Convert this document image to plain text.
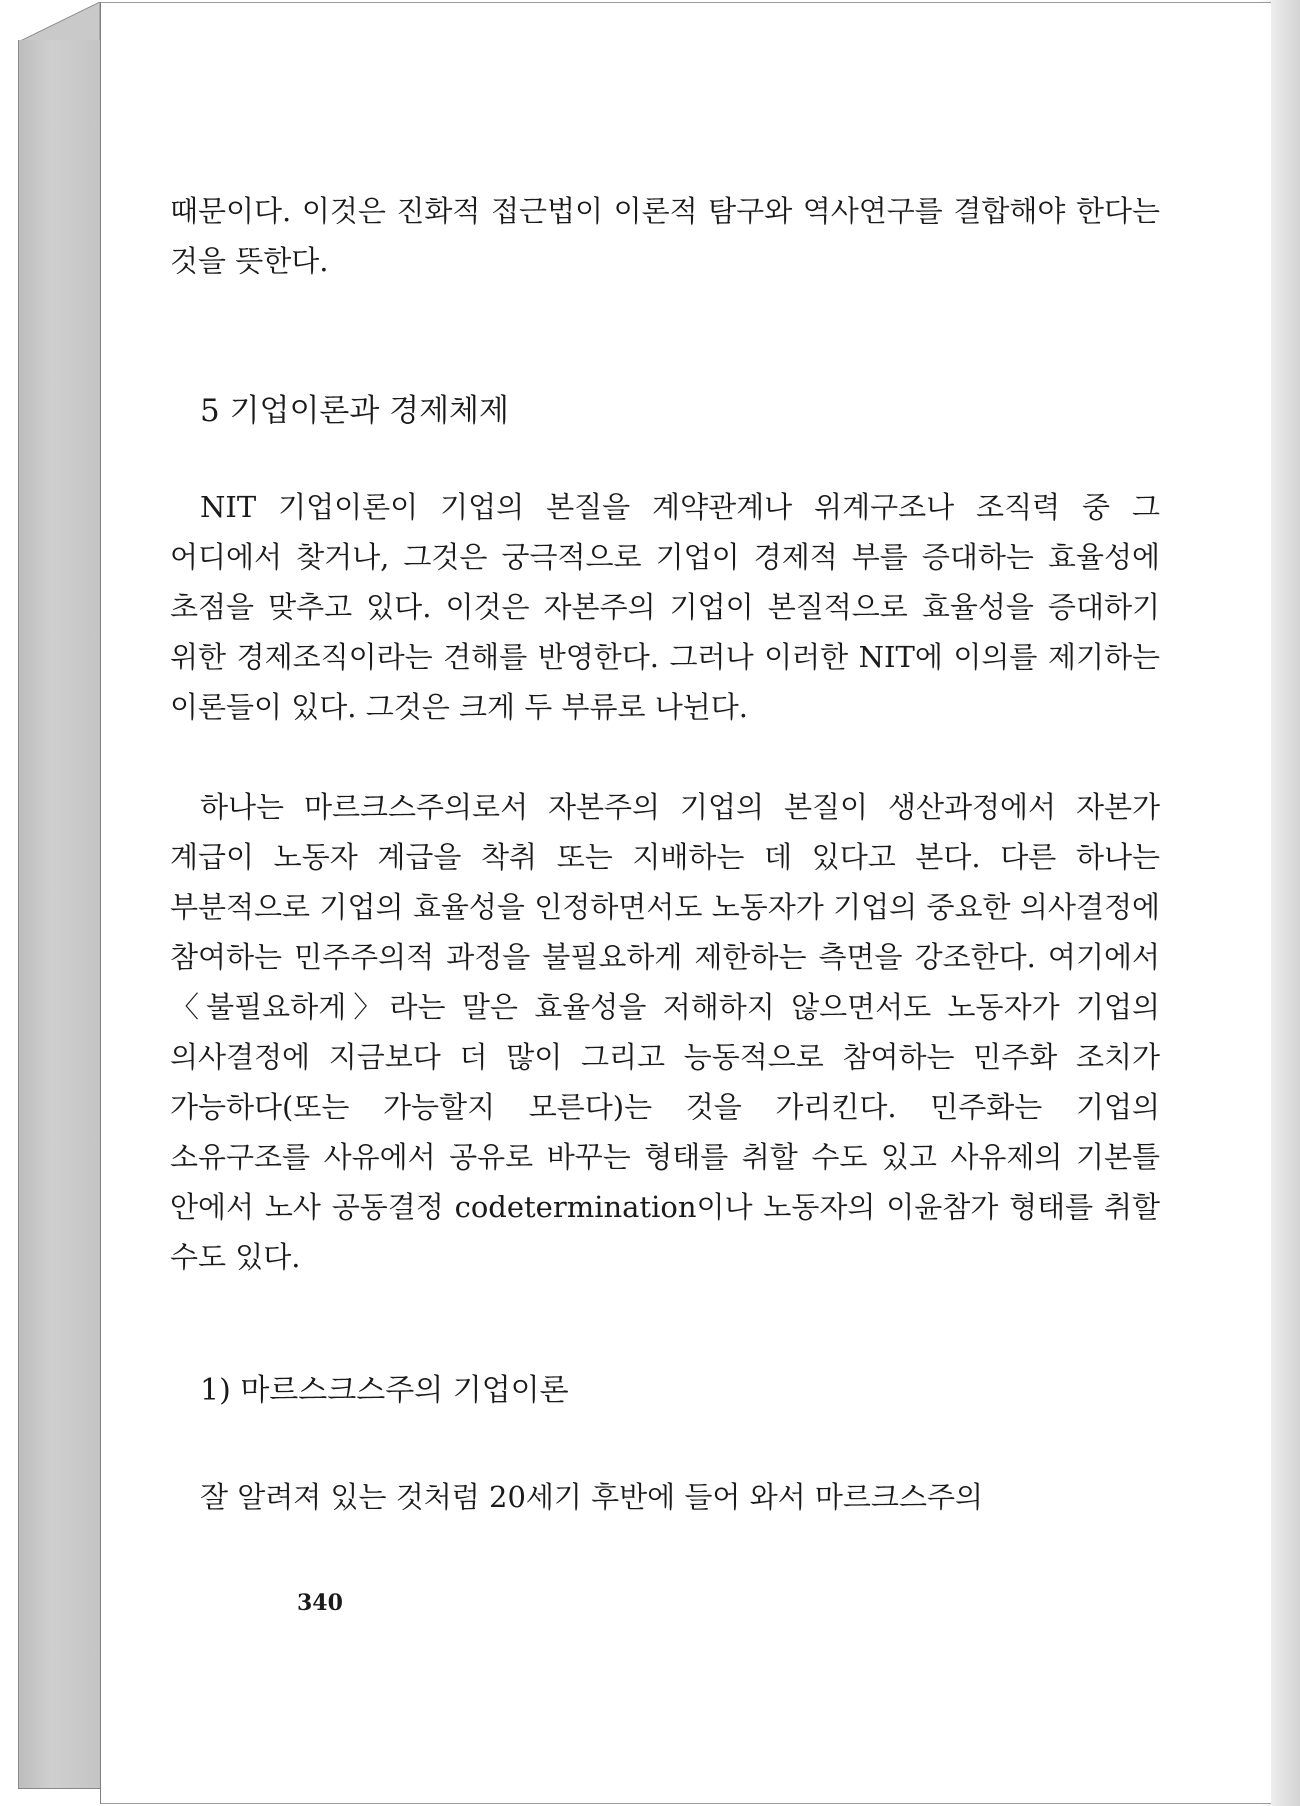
때문이다. 이것은 진화적 접근법이 이론적 탐구와 역사연구를 결합해야 한다는 것을 뜻한다.

5 기업이론과 경제체제

NIT 기업이론이 기업의 본질을 계약관계나 위계구조나 조직력 중 그 어디에서 찾거나, 그것은 궁극적으로 기업이 경제적 부를 증대하는 효율성에 초점을 맞추고 있다. 이것은 자본주의 기업이 본질적으로 효율성을 증대하기 위한 경제조직이라는 견해를 반영한다. 그러나 이러한 NIT에 이의를 제기하는 이론들이 있다. 그것은 크게 두 부류로 나뉜다.

하나는 마르크스주의로서 자본주의 기업의 본질이 생산과정에서 자본가 계급이 노동자 계급을 착취 또는 지배하는 데 있다고 본다. 다른 하나는 부분적으로 기업의 효율성을 인정하면서도 노동자가 기업의 중요한 의사결정에 참여하는 민주주의적 과정을 불필요하게 제한하는 측면을 강조한다. 여기에서 〈불필요하게〉라는 말은 효율성을 저해하지 않으면서도 노동자가 기업의 의사결정에 지금보다 더 많이 그리고 능동적으로 참여하는 민주화 조치가 가능하다(또는 가능할지 모른다)는 것을 가리킨다. 민주화는 기업의 소유구조를 사유에서 공유로 바꾸는 형태를 취할 수도 있고 사유제의 기본틀 안에서 노사 공동결정 codetermination이나 노동자의 이윤참가 형태를 취할 수도 있다.

1) 마르스크스주의 기업이론

잘 알려져 있는 것처럼 20세기 후반에 들어 와서 마르크스주의

340
